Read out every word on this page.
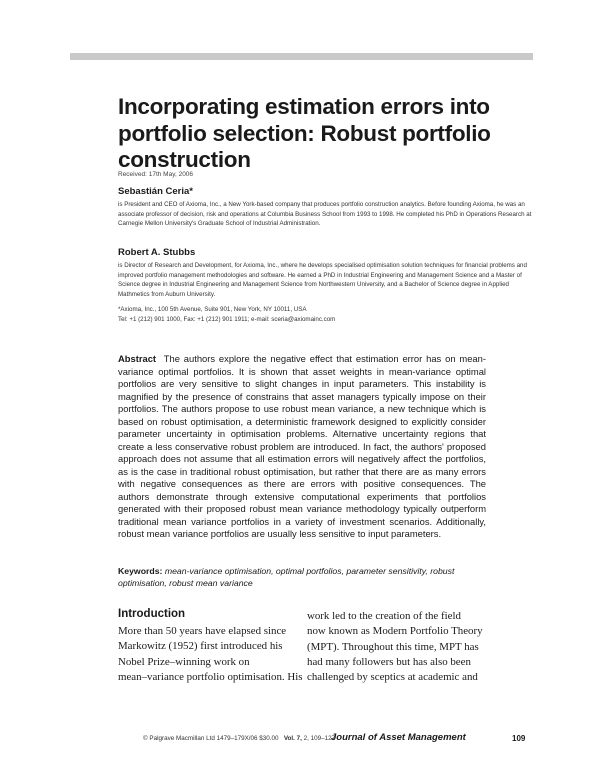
Incorporating estimation errors into portfolio selection: Robust portfolio construction
Received: 17th May, 2006
Sebastián Ceria*
is President and CEO of Axioma, Inc., a New York-based company that produces portfolio construction analytics. Before founding Axioma, he was an associate professor of decision, risk and operations at Columbia Business School from 1993 to 1998. He completed his PhD in Operations Research at Carnegie Mellon University's Graduate School of Industrial Administration.
Robert A. Stubbs
is Director of Research and Development, for Axioma, Inc., where he develops specialised optimisation solution techniques for financial problems and improved portfolio management methodologies and software. He earned a PhD in Industrial Engineering and Management Science and a Master of Science degree in Industrial Engineering and Management Science from Northwestern University, and a Bachelor of Science degree in Applied Mathmetics from Auburn University.
*Axioma, Inc., 100 5th Avenue, Suite 901, New York, NY 10011, USA
Tel: +1 (212) 901 1000, Fax: +1 (212) 901 1911; e-mail: sceria@axiomainc.com
Abstract The authors explore the negative effect that estimation error has on mean-variance optimal portfolios. It is shown that asset weights in mean-variance optimal portfolios are very sensitive to slight changes in input parameters. This instability is magnified by the presence of constrains that asset managers typically impose on their portfolios. The authors propose to use robust mean variance, a new technique which is based on robust optimisation, a deterministic framework designed to explicitly consider parameter uncertainty in optimisation problems. Alternative uncertainty regions that create a less conservative robust problem are introduced. In fact, the authors' proposed approach does not assume that all estimation errors will negatively affect the portfolios, as is the case in traditional robust optimisation, but rather that there are as many errors with negative consequences as there are errors with positive consequences. The authors demonstrate through extensive computational experiments that portfolios generated with their proposed robust mean variance methodology typically outperform traditional mean variance portfolios in a variety of investment scenarios. Additionally, robust mean variance portfolios are usually less sensitive to input parameters.
Keywords: mean-variance optimisation, optimal portfolios, parameter sensitivity, robust optimisation, robust mean variance
Introduction
More than 50 years have elapsed since
Markowitz (1952) first introduced his
Nobel Prize–winning work on
mean–variance portfolio optimisation. His
work led to the creation of the field
now known as Modern Portfolio Theory
(MPT). Throughout this time, MPT has
had many followers but has also been
challenged by sceptics at academic and
© Palgrave Macmillan Ltd 1479–179X/06 $30.00 Vol. 7, 2, 109–127
Journal of Asset Management	109
